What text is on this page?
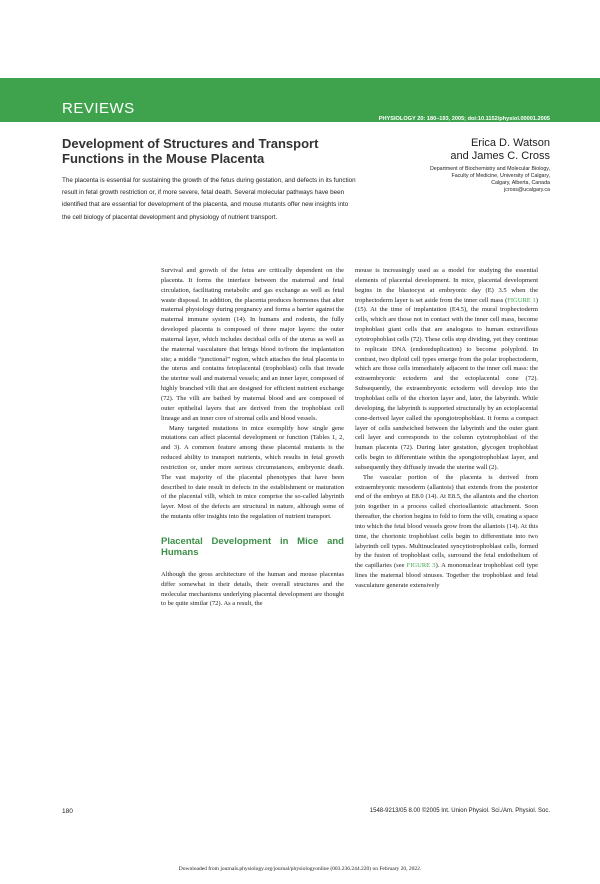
REVIEWS
PHYSIOLOGY 20: 180–193, 2005; doi:10.1152/physiol.00001.2005
Development of Structures and Transport Functions in the Mouse Placenta
Erica D. Watson
and James C. Cross
Department of Biochemistry and Molecular Biology,
Faculty of Medicine, University of Calgary,
Calgary, Alberta, Canada
jcross@ucalgary.ca
The placenta is essential for sustaining the growth of the fetus during gestation, and defects in its function result in fetal growth restriction or, if more severe, fetal death. Several molecular pathways have been identified that are essential for development of the placenta, and mouse mutants offer new insights into the cell biology of placental development and physiology of nutrient transport.

Survival and growth of the fetus are critically dependent on the placenta. It forms the interface between the maternal and fetal circulation, facilitating metabolic and gas exchange as well as fetal waste disposal. In addition, the placenta produces hormones that alter maternal physiology during pregnancy and forms a barrier against the maternal immune system (14). In humans and rodents, the fully developed placenta is composed of three major layers: the outer maternal layer, which includes decidual cells of the uterus as well as the maternal vasculature that brings blood to/from the implantation site; a middle “junctional” region, which attaches the fetal placenta to the uterus and contains fetoplacental (trophoblast) cells that invade the uterine wall and maternal vessels; and an inner layer, composed of highly branched villi that are designed for efficient nutrient exchange (72). The villi are bathed by maternal blood and are composed of outer epithelial layers that are derived from the trophoblast cell lineage and an inner core of stromal cells and blood vessels.

Many targeted mutations in mice exemplify how single gene mutations can affect placental development or function (Tables 1, 2, and 3). A common feature among these placental mutants is the reduced ability to transport nutrients, which results in fetal growth restriction or, under more serious circumstances, embryonic death. The vast majority of the placental phenotypes that have been described to date result in defects in the establishment or maturation of the placental villi, which in mice comprise the so-called labyrinth layer. Most of the defects are structural in nature, although some of the mutants offer insights into the regulation of nutrient transport.

Placental Development in Mice and Humans

Although the gross architecture of the human and mouse placentas differ somewhat in their details, their overall structures and the molecular mechanisms underlying placental development are thought to be quite similar (72). As a result, the

mouse is increasingly used as a model for studying the essential elements of placental development. In mice, placental development begins in the blastocyst at embryonic day (E) 3.5 when the trophectoderm layer is set aside from the inner cell mass (FIGURE 1) (15). At the time of implantation (E4.5), the mural trophectoderm cells, which are those not in contact with the inner cell mass, become trophoblast giant cells that are analogous to human extravillous cytotrophoblast cells (72). These cells stop dividing, yet they continue to replicate DNA (endoreduplication) to become polyploid. In contrast, two diploid cell types emerge from the polar trophectoderm, which are those cells immediately adjacent to the inner cell mass: the extraembryonic ectoderm and the ectoplacental cone (72). Subsequently, the extraembryonic ectoderm will develop into the trophoblast cells of the chorion layer and, later, the labyrinth. While developing, the labyrinth is supported structurally by an ectoplacental cone-derived layer called the spongiotrophoblast. It forms a compact layer of cells sandwiched between the labyrinth and the outer giant cell layer and corresponds to the column cytotrophoblast of the human placenta (72). During later gestation, glycogen trophoblast cells begin to differentiate within the spongiotrophoblast layer, and subsequently they diffusely invade the uterine wall (2).

The vascular portion of the placenta is derived from extraembryonic mesoderm (allantois) that extends from the posterior end of the embryo at E8.0 (14). At E8.5, the allantois and the chorion join together in a process called chorioallantoic attachment. Soon thereafter, the chorion begins to fold to form the villi, creating a space into which the fetal blood vessels grow from the allantois (14). At this time, the chorionic trophoblast cells begin to differentiate into two labyrinth cell types. Multinucleated syncytiotrophoblast cells, formed by the fusion of trophoblast cells, surround the fetal endothelium of the capillaries (see FIGURE 3). A mononuclear trophoblast cell type lines the maternal blood sinuses. Together the trophoblast and fetal vasculature generate extensively

180	1548-9213/05 8.00 ©2005 Int. Union Physiol. Sci./Am. Physiol. Soc.
Downloaded from journals.physiology.org/journal/physiologyonline (003.236.244.220) on February 20, 2022.
